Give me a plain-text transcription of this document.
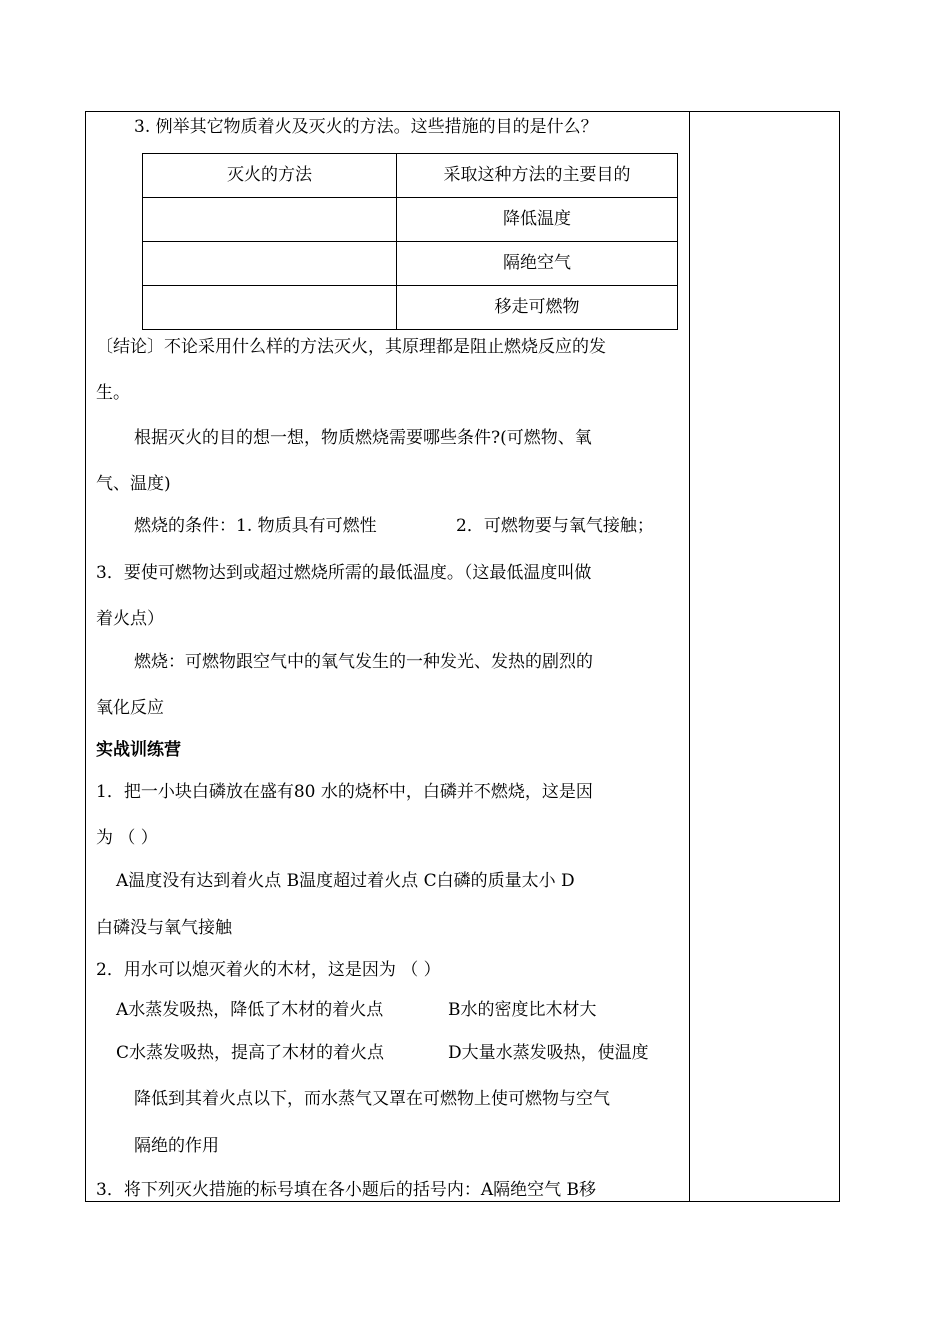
3. 例举其它物质着火及灭火的方法。这些措施的目的是什么？
灭火的方法	采取这种方法的主要目的
	降低温度
	隔绝空气
	移走可燃物
〔结论〕不论采用什么样的方法灭火，其原理都是阻止燃烧反应的发
生。
根据灭火的目的想一想，物质燃烧需要哪些条件?(可燃物、氧
气、温度)
燃烧的条件：1. 物质具有可燃性	2．可燃物要与氧气接触；
3．要使可燃物达到或超过燃烧所需的最低温度。（这最低温度叫做
着火点）
燃烧：可燃物跟空气中的氧气发生的一种发光、发热的剧烈的
氧化反应
实战训练营
1．把一小块白磷放在盛有80 水的烧杯中，白磷并不燃烧，这是因
为 （ ）
A温度没有达到着火点 B温度超过着火点 C白磷的质量太小 D
白磷没与氧气接触
2．用水可以熄灭着火的木材，这是因为 （ ）
A水蒸发吸热，降低了木材的着火点	B水的密度比木材大
C水蒸发吸热，提高了木材的着火点	D大量水蒸发吸热，使温度
降低到其着火点以下，而水蒸气又罩在可燃物上使可燃物与空气
隔绝的作用
3．将下列灭火措施的标号填在各小题后的括号内：A隔绝空气 B移
